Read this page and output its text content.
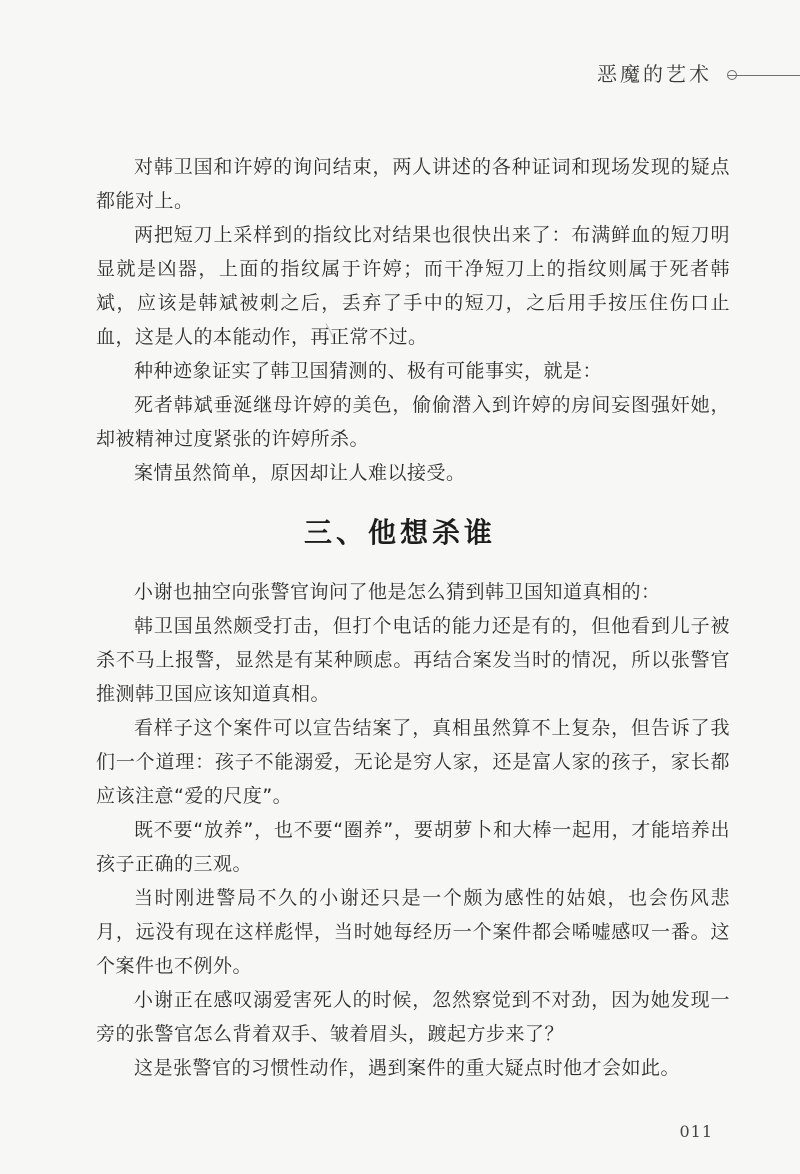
恶魔的艺术

对韩卫国和许婷的询问结束，两人讲述的各种证词和现场发现的疑点都能对上。

两把短刀上采样到的指纹比对结果也很快出来了：布满鲜血的短刀明显就是凶器，上面的指纹属于许婷；而干净短刀上的指纹则属于死者韩斌，应该是韩斌被刺之后，丢弃了手中的短刀，之后用手按压住伤口止血，这是人的本能动作，再正常不过。

种种迹象证实了韩卫国猜测的、极有可能事实，就是：

死者韩斌垂涎继母许婷的美色，偷偷潜入到许婷的房间妄图强奸她，却被精神过度紧张的许婷所杀。

案情虽然简单，原因却让人难以接受。

三、他想杀谁

小谢也抽空向张警官询问了他是怎么猜到韩卫国知道真相的：

韩卫国虽然颇受打击，但打个电话的能力还是有的，但他看到儿子被杀不马上报警，显然是有某种顾虑。再结合案发当时的情况，所以张警官推测韩卫国应该知道真相。

看样子这个案件可以宣告结案了，真相虽然算不上复杂，但告诉了我们一个道理：孩子不能溺爱，无论是穷人家，还是富人家的孩子，家长都应该注意“爱的尺度”。

既不要“放养”，也不要“圈养”，要胡萝卜和大棒一起用，才能培养出孩子正确的三观。

当时刚进警局不久的小谢还只是一个颇为感性的姑娘，也会伤风悲月，远没有现在这样彪悍，当时她每经历一个案件都会唏嘘感叹一番。这个案件也不例外。

小谢正在感叹溺爱害死人的时候，忽然察觉到不对劲，因为她发现一旁的张警官怎么背着双手、皱着眉头，踱起方步来了？

这是张警官的习惯性动作，遇到案件的重大疑点时他才会如此。

011
